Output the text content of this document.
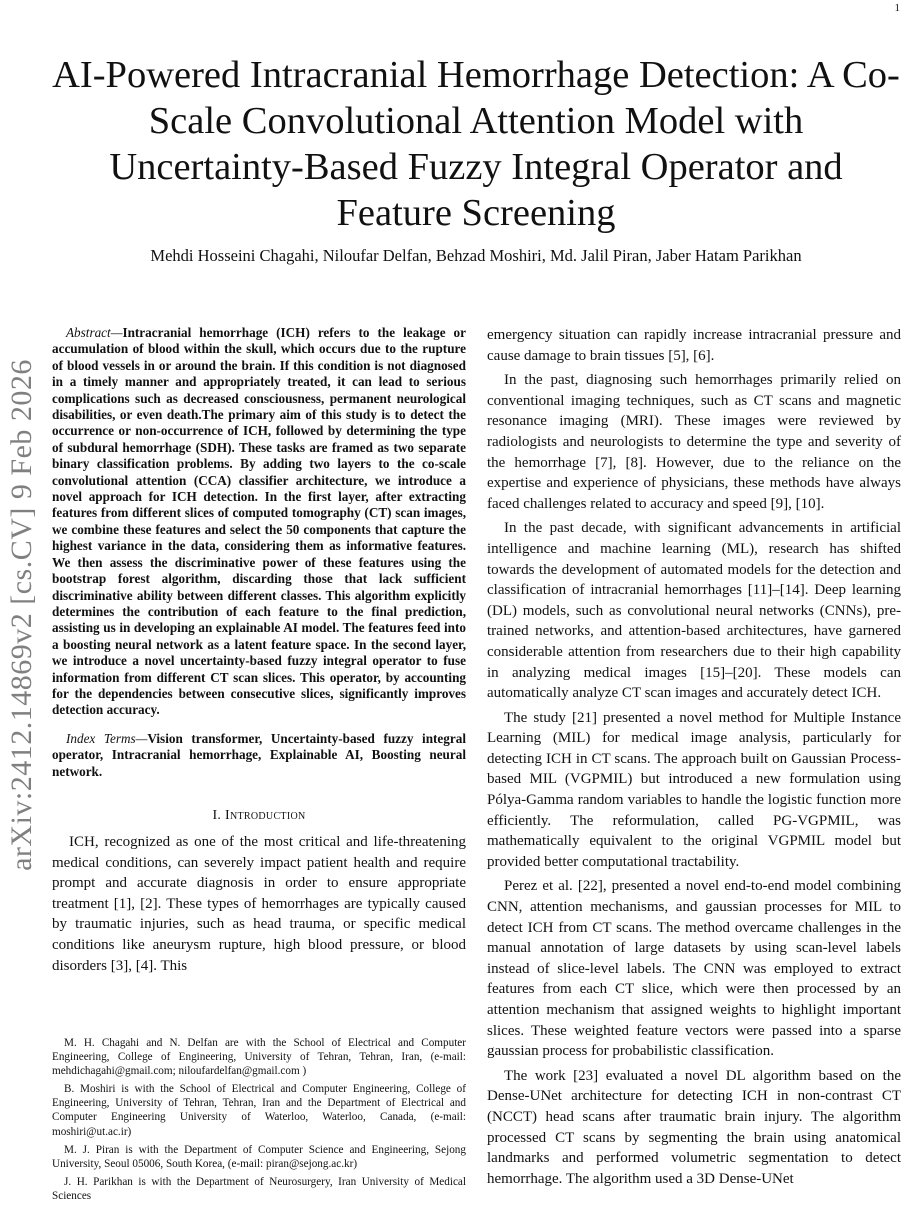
1
arXiv:2412.14869v2 [cs.CV] 9 Feb 2026
AI-Powered Intracranial Hemorrhage Detection: A Co-Scale Convolutional Attention Model with Uncertainty-Based Fuzzy Integral Operator and Feature Screening
Mehdi Hosseini Chagahi, Niloufar Delfan, Behzad Moshiri, Md. Jalil Piran, Jaber Hatam Parikhan

Abstract—Intracranial hemorrhage (ICH) refers to the leakage or accumulation of blood within the skull, which occurs due to the rupture of blood vessels in or around the brain. If this condition is not diagnosed in a timely manner and appropriately treated, it can lead to serious complications such as decreased consciousness, permanent neurological disabilities, or even death.The primary aim of this study is to detect the occurrence or non-occurrence of ICH, followed by determining the type of subdural hemorrhage (SDH). These tasks are framed as two separate binary classification problems. By adding two layers to the co-scale convolutional attention (CCA) classifier architecture, we introduce a novel approach for ICH detection. In the first layer, after extracting features from different slices of computed tomography (CT) scan images, we combine these features and select the 50 components that capture the highest variance in the data, considering them as informative features. We then assess the discriminative power of these features using the bootstrap forest algorithm, discarding those that lack sufficient discriminative ability between different classes. This algorithm explicitly determines the contribution of each feature to the final prediction, assisting us in developing an explainable AI model. The features feed into a boosting neural network as a latent feature space. In the second layer, we introduce a novel uncertainty-based fuzzy integral operator to fuse information from different CT scan slices. This operator, by accounting for the dependencies between consecutive slices, significantly improves detection accuracy.

Index Terms—Vision transformer, Uncertainty-based fuzzy integral operator, Intracranial hemorrhage, Explainable AI, Boosting neural network.

I. Introduction

ICH, recognized as one of the most critical and life-threatening medical conditions, can severely impact patient health and require prompt and accurate diagnosis in order to ensure appropriate treatment [1], [2]. These types of hemorrhages are typically caused by traumatic injuries, such as head trauma, or specific medical conditions like aneurysm rupture, high blood pressure, or blood disorders [3], [4]. This

M. H. Chagahi and N. Delfan are with the School of Electrical and Computer Engineering, College of Engineering, University of Tehran, Tehran, Iran, (e-mail: mehdichagahi@gmail.com; niloufardelfan@gmail.com )

B. Moshiri is with the School of Electrical and Computer Engineering, College of Engineering, University of Tehran, Tehran, Iran and the Department of Electrical and Computer Engineering University of Waterloo, Waterloo, Canada, (e-mail: moshiri@ut.ac.ir)

M. J. Piran is with the Department of Computer Science and Engineering, Sejong University, Seoul 05006, South Korea, (e-mail: piran@sejong.ac.kr)

J. H. Parikhan is with the Department of Neurosurgery, Iran University of Medical Sciences

emergency situation can rapidly increase intracranial pressure and cause damage to brain tissues [5], [6].

In the past, diagnosing such hemorrhages primarily relied on conventional imaging techniques, such as CT scans and magnetic resonance imaging (MRI). These images were reviewed by radiologists and neurologists to determine the type and severity of the hemorrhage [7], [8]. However, due to the reliance on the expertise and experience of physicians, these methods have always faced challenges related to accuracy and speed [9], [10].

In the past decade, with significant advancements in artificial intelligence and machine learning (ML), research has shifted towards the development of automated models for the detection and classification of intracranial hemorrhages [11]–[14]. Deep learning (DL) models, such as convolutional neural networks (CNNs), pre-trained networks, and attention-based architectures, have garnered considerable attention from researchers due to their high capability in analyzing medical images [15]–[20]. These models can automatically analyze CT scan images and accurately detect ICH.

The study [21] presented a novel method for Multiple Instance Learning (MIL) for medical image analysis, particularly for detecting ICH in CT scans. The approach built on Gaussian Process-based MIL (VGPMIL) but introduced a new formulation using Pólya-Gamma random variables to handle the logistic function more efficiently. The reformulation, called PG-VGPMIL, was mathematically equivalent to the original VGPMIL model but provided better computational tractability.

Perez et al. [22], presented a novel end-to-end model combining CNN, attention mechanisms, and gaussian processes for MIL to detect ICH from CT scans. The method overcame challenges in the manual annotation of large datasets by using scan-level labels instead of slice-level labels. The CNN was employed to extract features from each CT slice, which were then processed by an attention mechanism that assigned weights to highlight important slices. These weighted feature vectors were passed into a sparse gaussian process for probabilistic classification.

The work [23] evaluated a novel DL algorithm based on the Dense-UNet architecture for detecting ICH in non-contrast CT (NCCT) head scans after traumatic brain injury. The algorithm processed CT scans by segmenting the brain using anatomical landmarks and performed volumetric segmentation to detect hemorrhage. The algorithm used a 3D Dense-UNet
